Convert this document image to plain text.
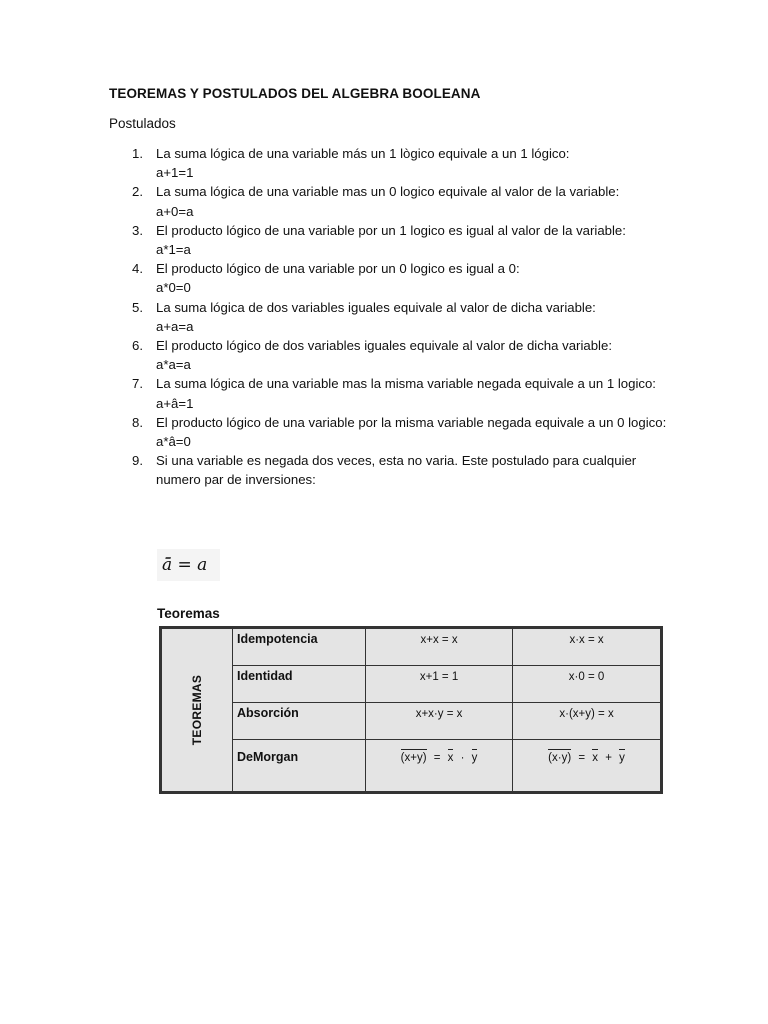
TEOREMAS Y POSTULADOS DEL ALGEBRA BOOLEANA
Postulados
1. La suma lógica de una variable más un 1 lògico equivale a un 1 lógico:
a+1=1
2. La suma lógica de una variable mas un 0 logico equivale al valor de la variable:
a+0=a
3. El producto lógico de una variable por un 1 logico es igual al valor de la variable:
a*1=a
4. El producto lógico de una variable por un 0 logico es igual a 0:
a*0=0
5. La suma lógica de dos variables iguales equivale al valor de dicha variable:
a+a=a
6. El producto lógico de dos variables iguales equivale al valor de dicha variable:
a*a=a
7. La suma lógica de una variable mas la misma variable negada equivale a un 1 logico:
a+â=1
8. El producto lógico de una variable por la misma variable negada equivale a un 0 logico:
a*â=0
9. Si una variable es negada dos veces, esta no varia. Este postulado para cualquier numero par de inversiones:
ā̄ = a
Teoremas
TEOREMAS	Idempotencia	x+x = x	x·x = x
	Identidad	x+1 = 1	x·0 = 0
	Absorción	x+x·y = x	x·(x+y) = x
	DeMorgan	(x+y) = x · y	(x·y) = x + y
